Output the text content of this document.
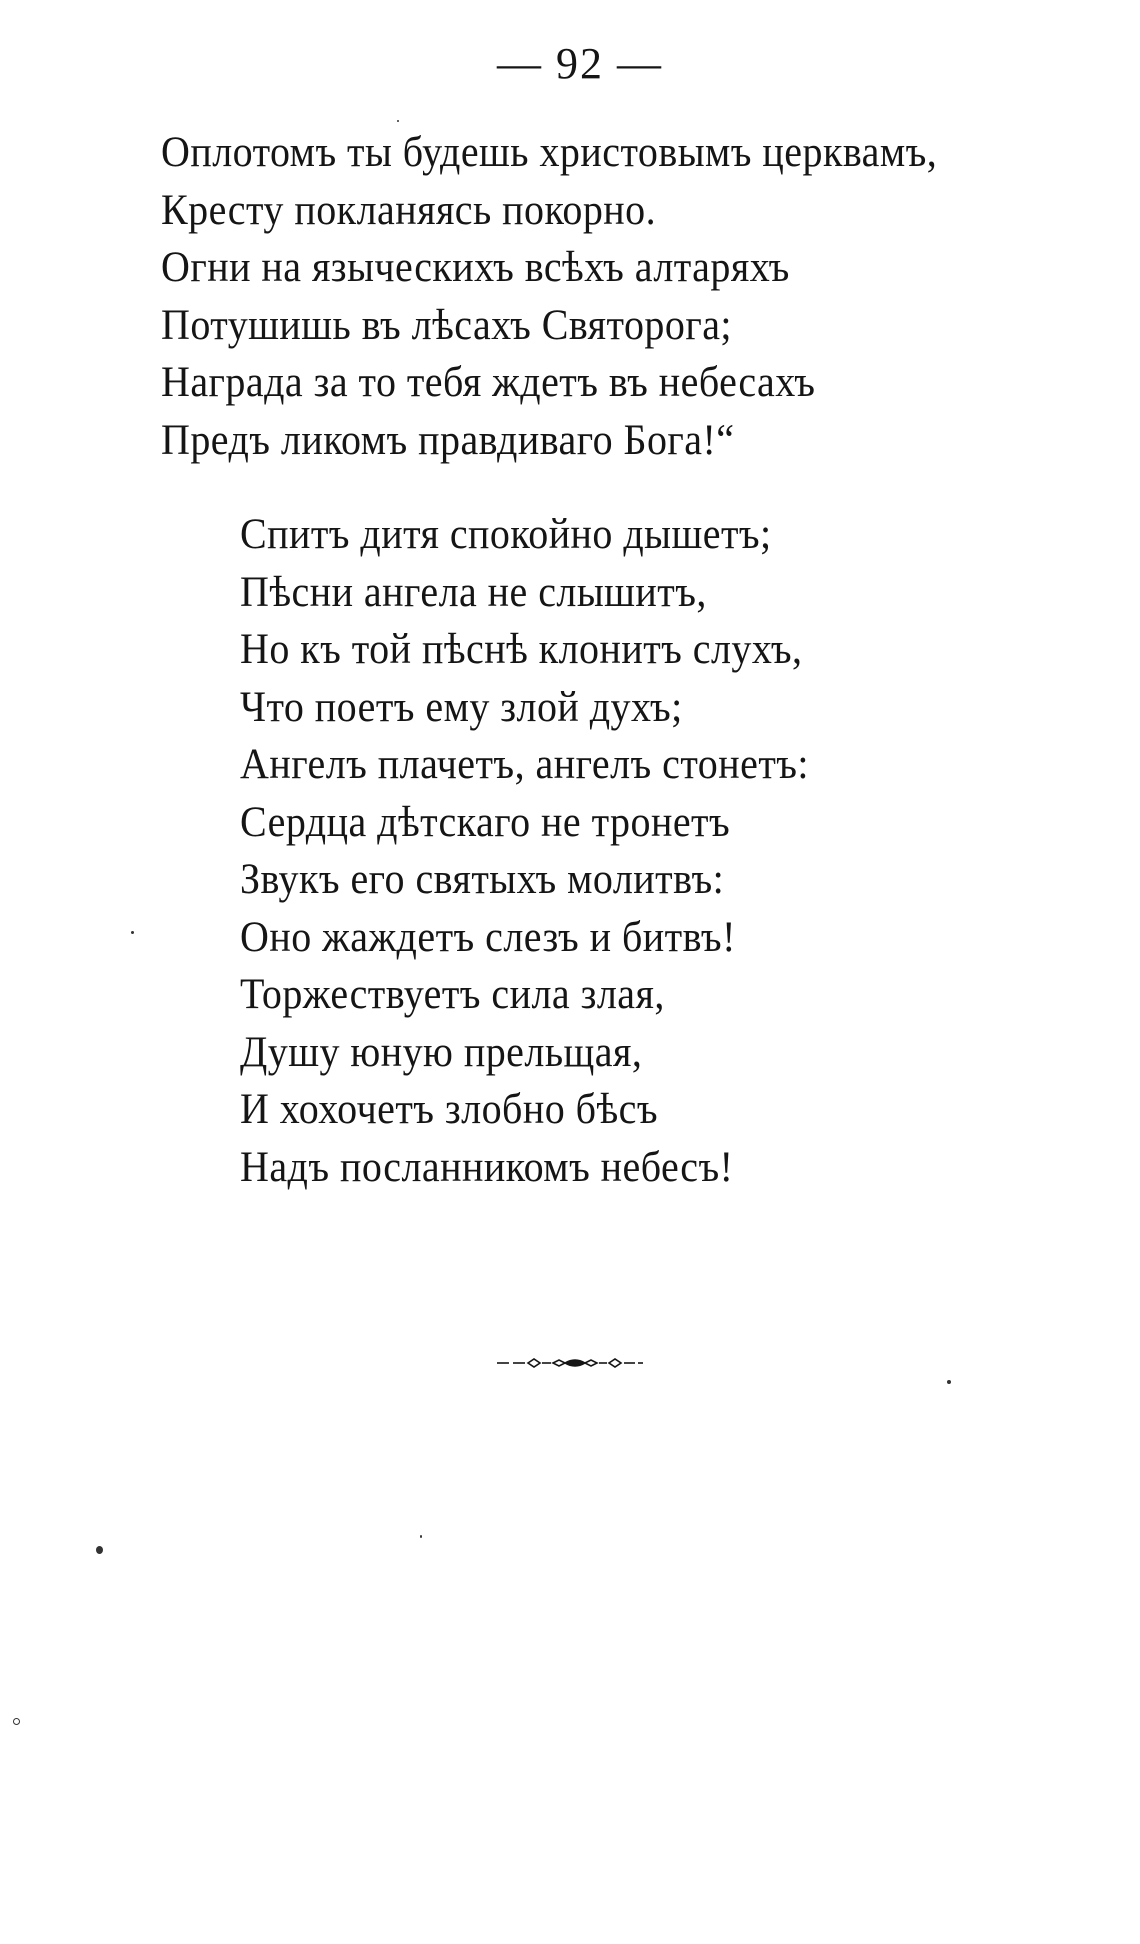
— 92 —
Оплотомъ ты будешь христовымъ церквамъ,
Кресту покланяясь покорно.
Огни на языческихъ всѣхъ алтаряхъ
Потушишь въ лѣсахъ Святорога;
Награда за то тебя ждетъ въ небесахъ
Предъ ликомъ правдиваго Бога!“
Спитъ дитя спокойно дышетъ;
Пѣсни ангела не слышитъ,
Но къ той пѣснѣ клонитъ слухъ,
Что поетъ ему злой духъ;
Ангелъ плачетъ, ангелъ стонетъ:
Сердца дѣтскаго не тронетъ
Звукъ его святыхъ молитвъ:
Оно жаждетъ слезъ и битвъ!
Торжествуетъ сила злая,
Душу юную прельщая,
И хохочетъ злобно бѣсъ
Надъ посланникомъ небесъ!
